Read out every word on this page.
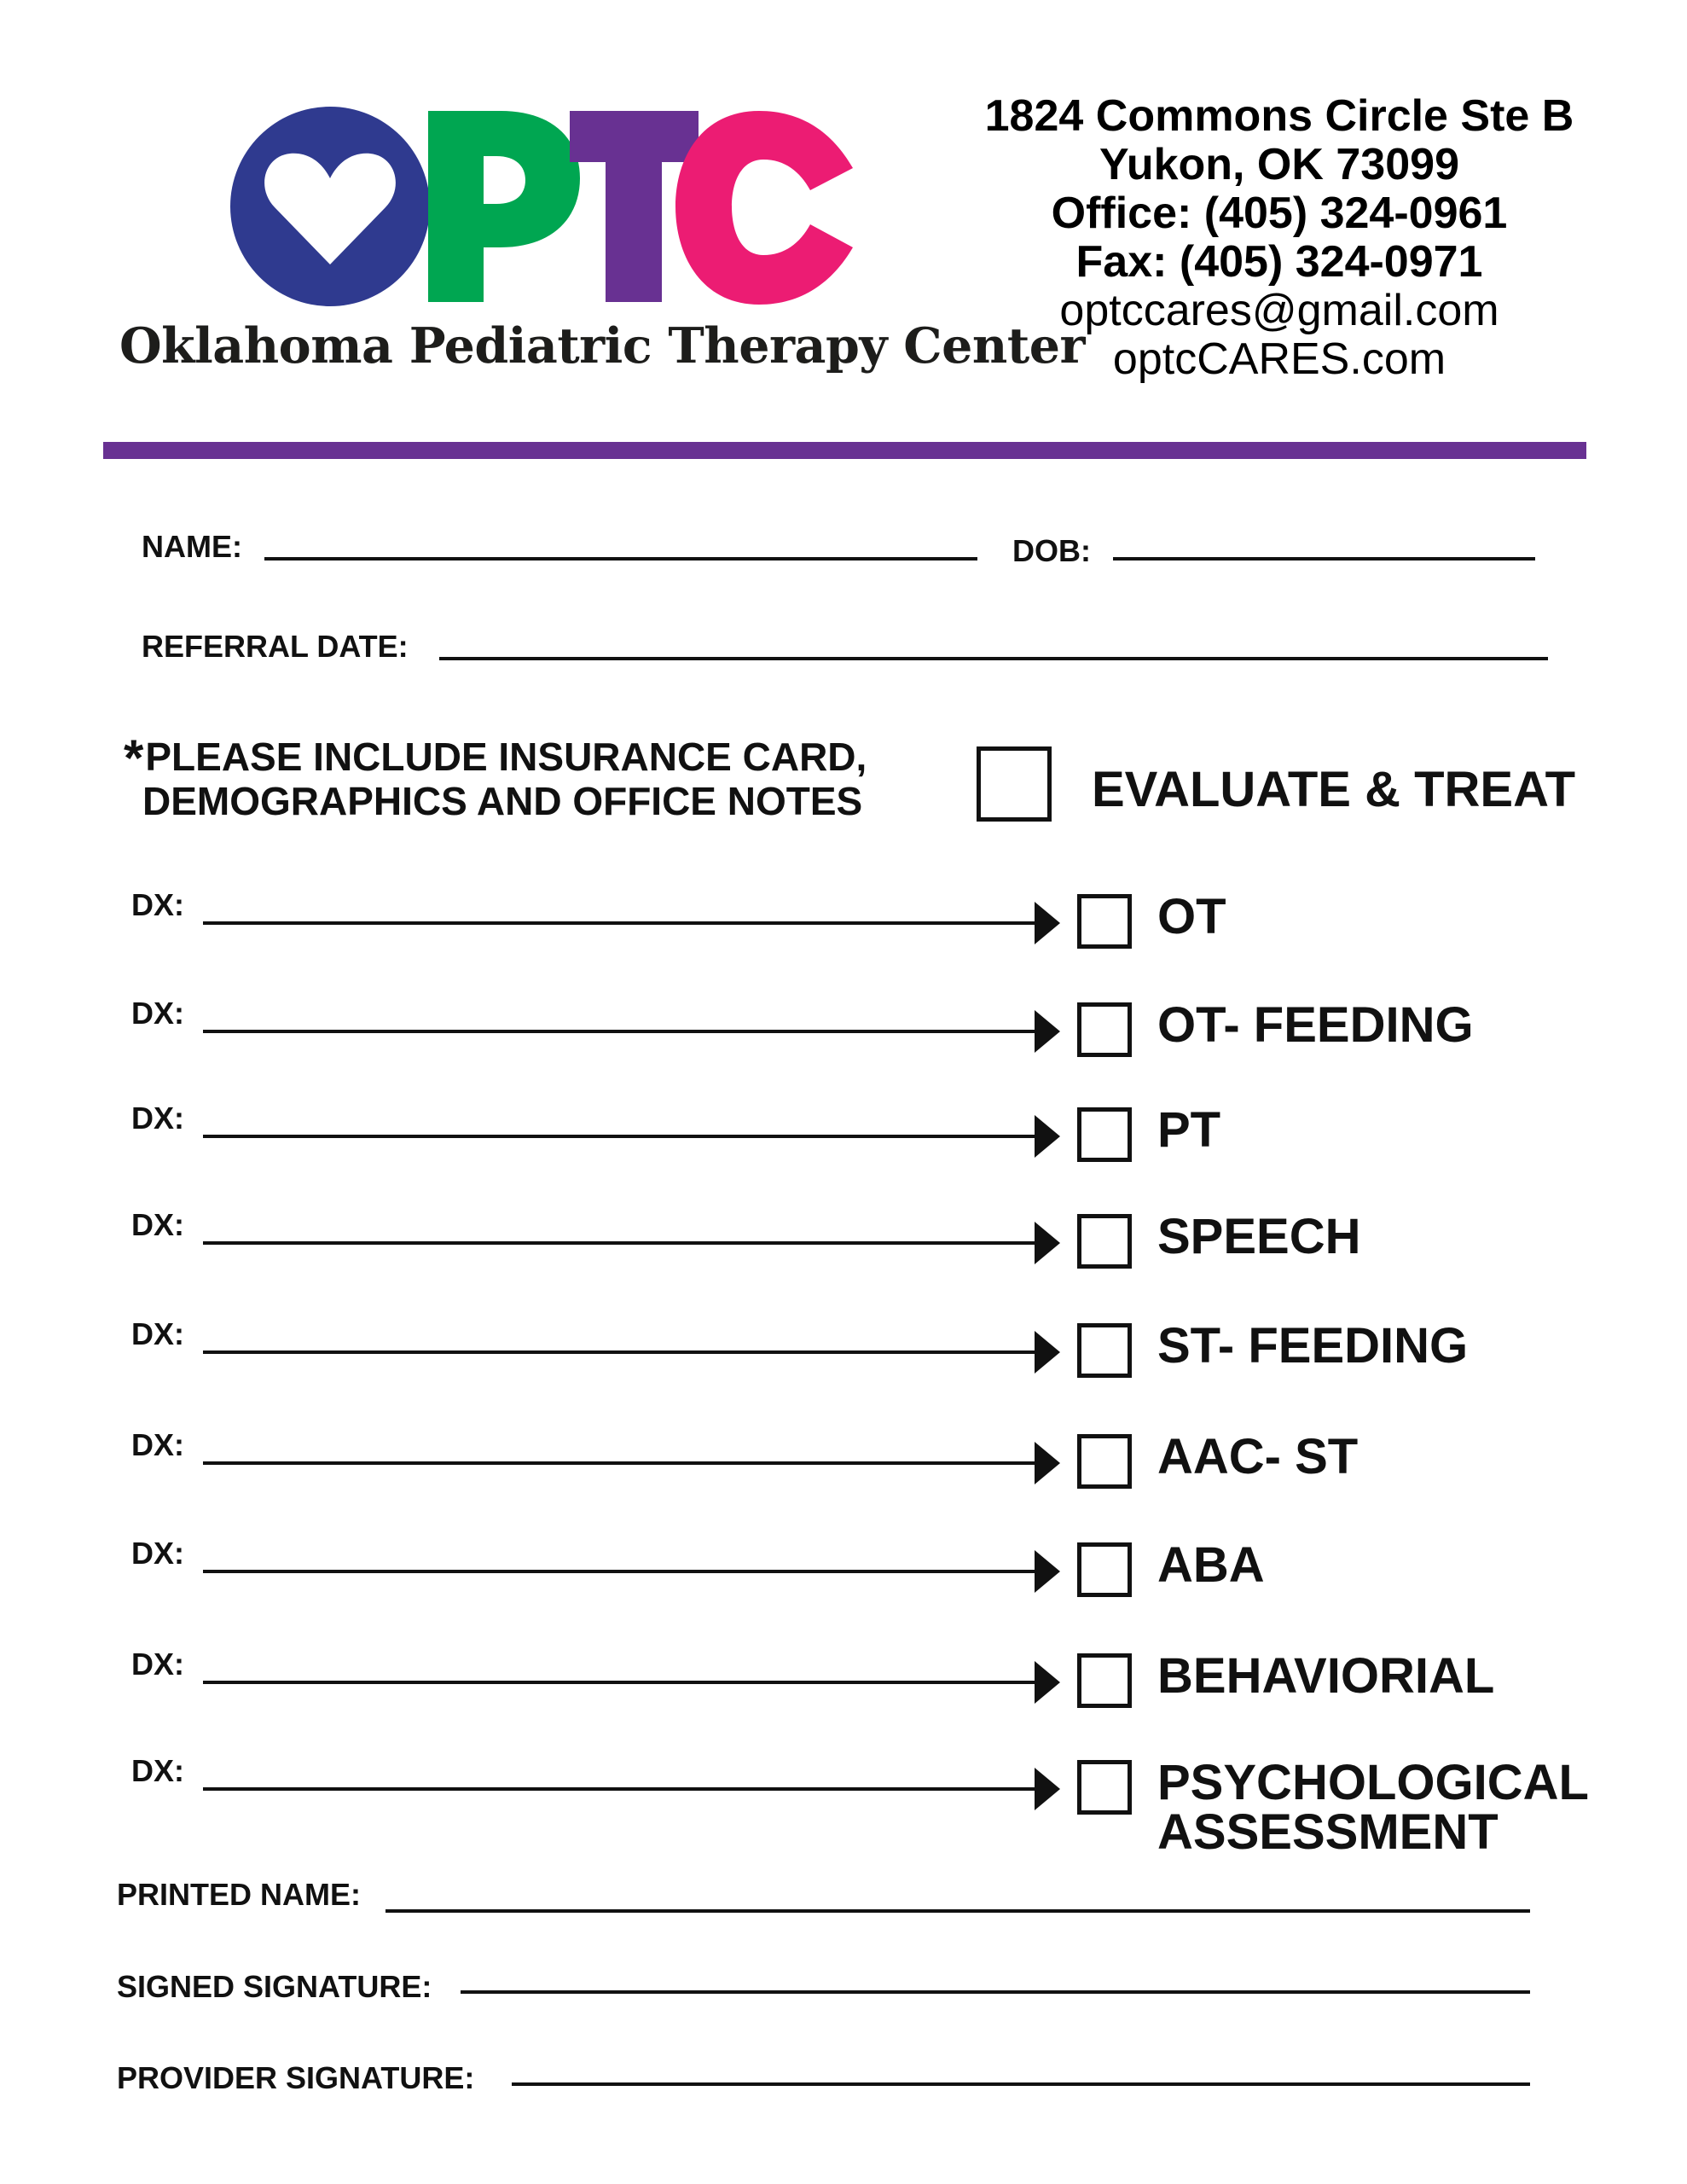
Oklahoma Pediatric Therapy Center
1824 Commons Circle Ste B
Yukon, OK 73099
Office: (405) 324-0961
Fax: (405) 324-0971
optccares@gmail.com
optcCARES.com
NAME:	DOB:
REFERRAL DATE:
*PLEASE INCLUDE INSURANCE CARD,
DEMOGRAPHICS AND OFFICE NOTES	EVALUATE & TREAT
DX:	OT
DX:	OT- FEEDING
DX:	PT
DX:	SPEECH
DX:	ST- FEEDING
DX:	AAC- ST
DX:	ABA
DX:	BEHAVIORIAL
DX:	PSYCHOLOGICAL
ASSESSMENT
PRINTED NAME:
SIGNED SIGNATURE:
PROVIDER SIGNATURE:
